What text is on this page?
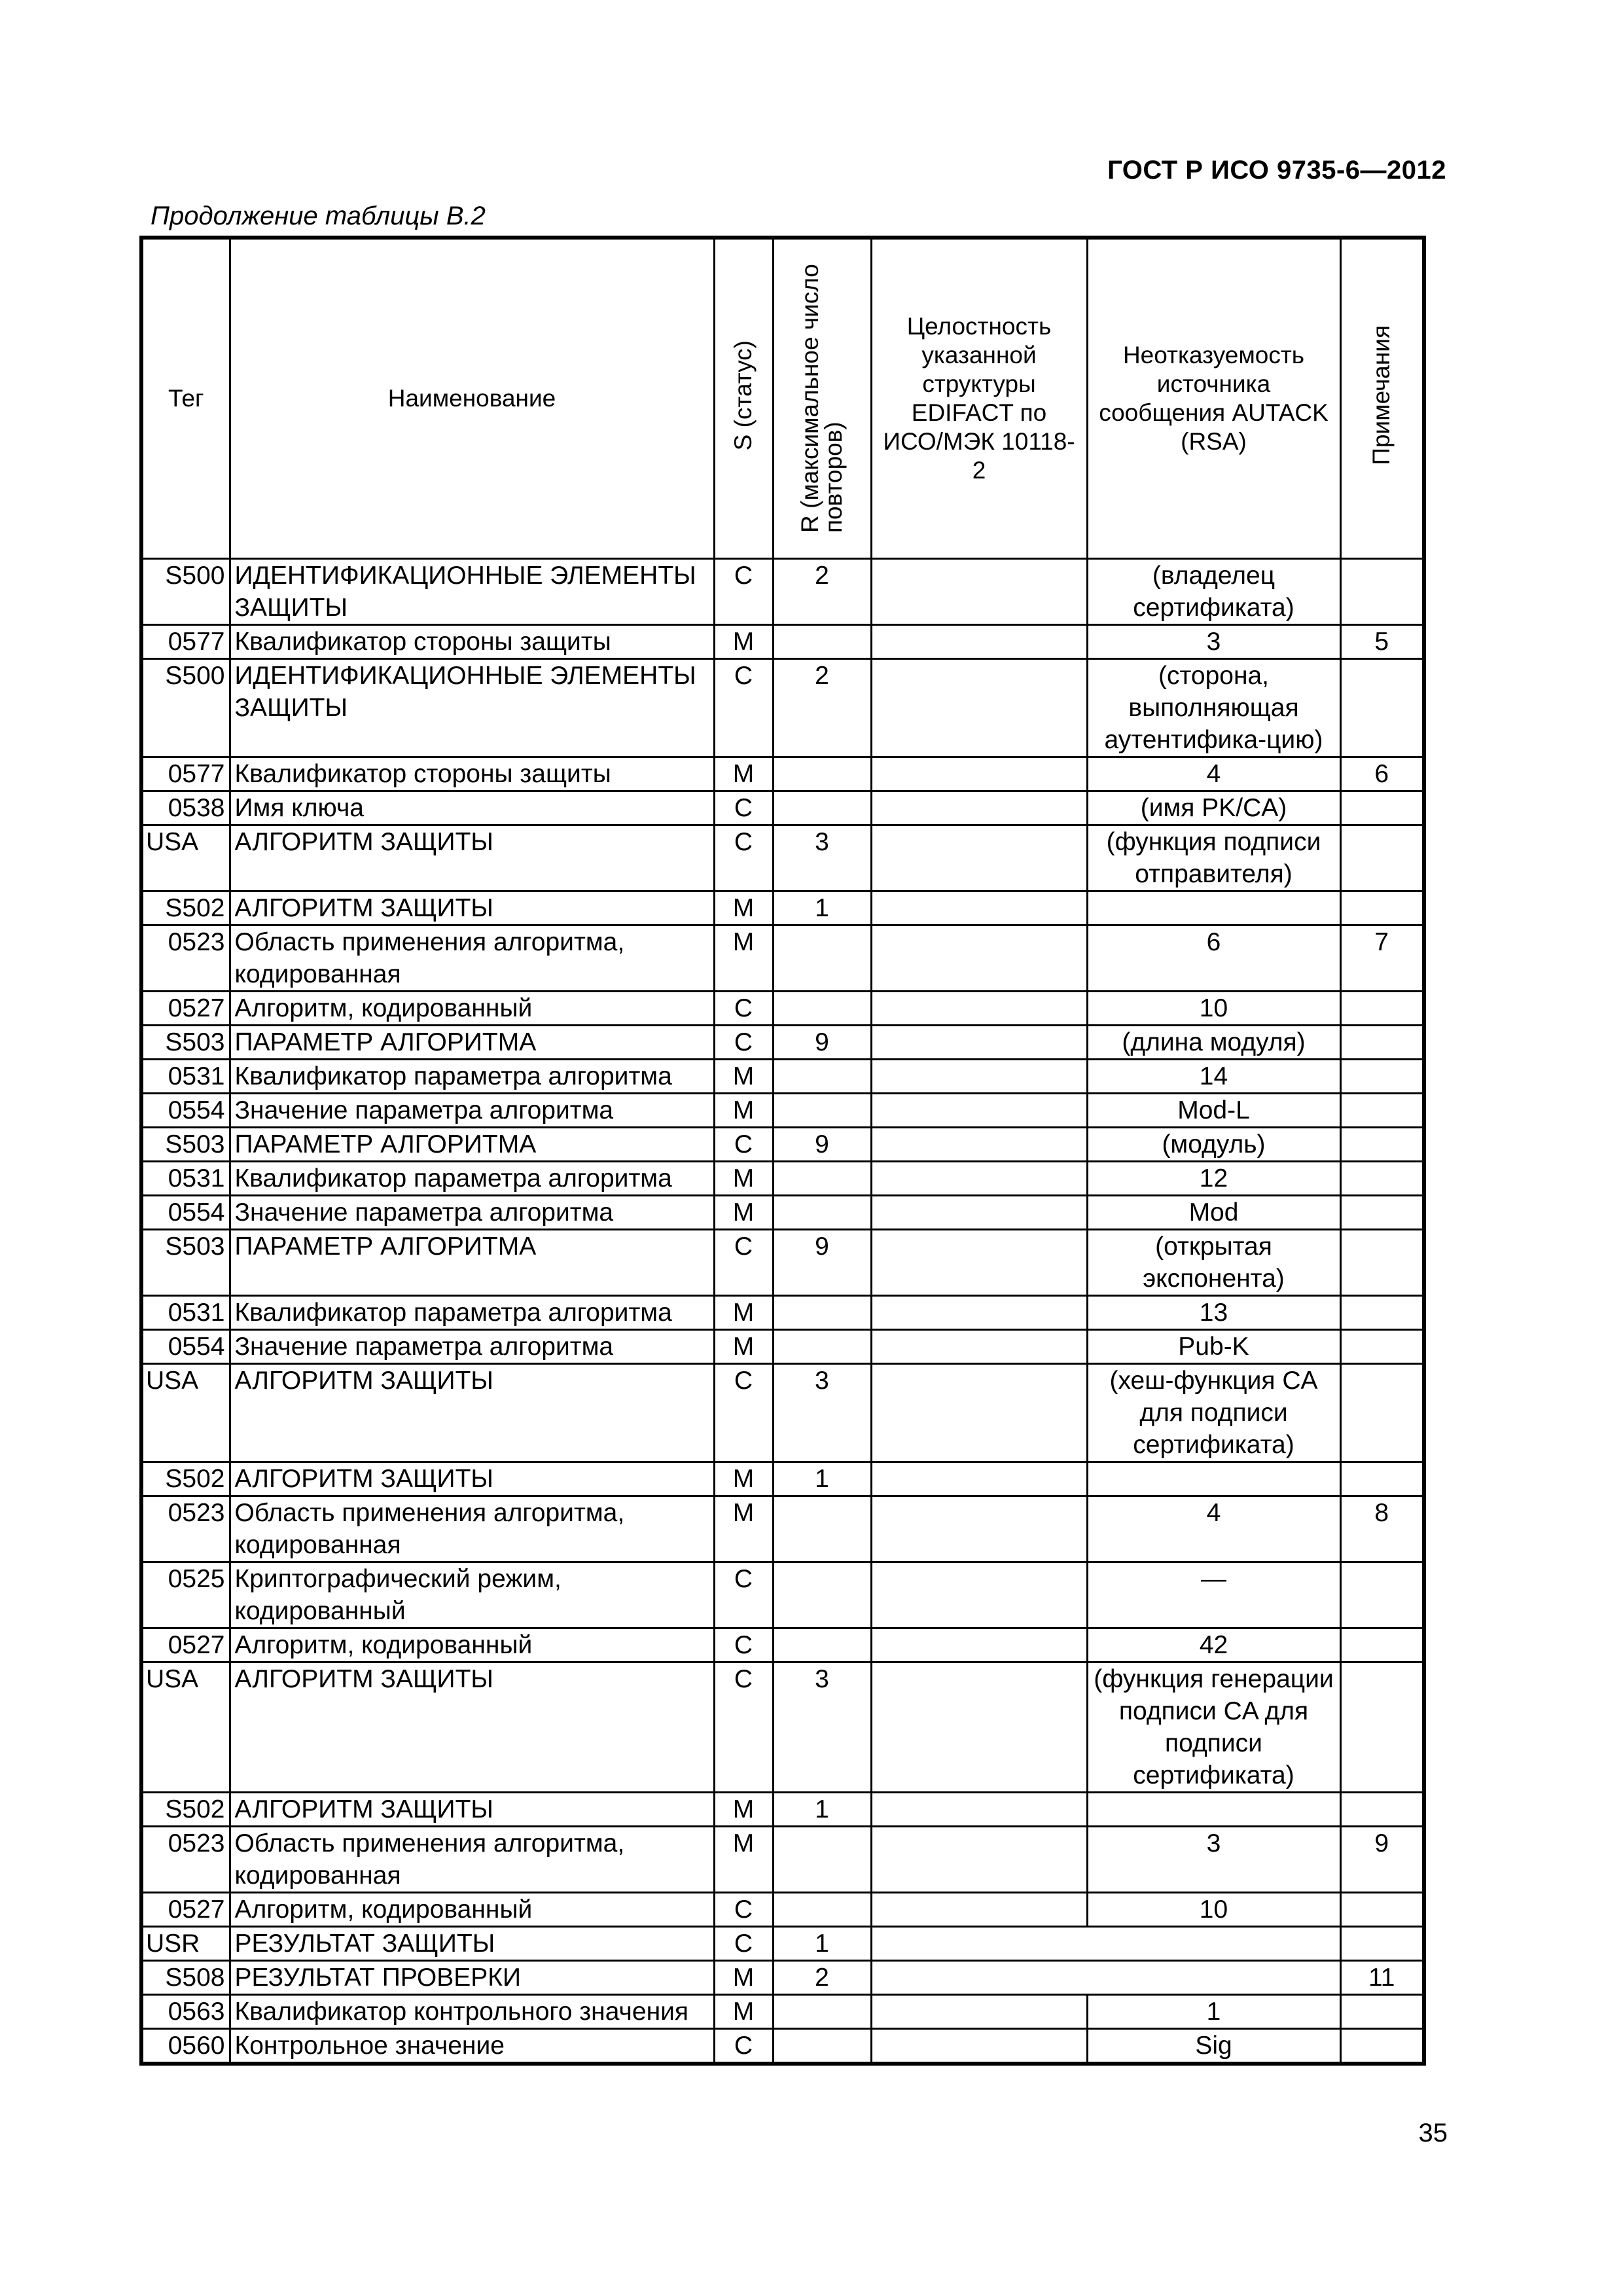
ГОСТ Р ИСО 9735-6—2012
Продолжение таблицы В.2
Тег	Наименование	S (статус)	R (максимальное число повторов)	Целостность указанной структуры EDIFACT по ИСО/МЭК 10118-2	Неотказуемость источника сообщения AUTACK (RSA)	Примечания
S500	ИДЕНТИФИКАЦИОННЫЕ ЭЛЕМЕНТЫ ЗАЩИТЫ	C	2		(владелец сертификата)	
0577	Квалификатор стороны защиты	M			3	5
S500	ИДЕНТИФИКАЦИОННЫЕ ЭЛЕМЕНТЫ ЗАЩИТЫ	C	2		(сторона, выполняющая аутентифика-цию)	
0577	Квалификатор стороны защиты	M			4	6
0538	Имя ключа	C			(имя PK/CA)	
USA	АЛГОРИТМ ЗАЩИТЫ	C	3		(функция подписи отправителя)	
S502	АЛГОРИТМ ЗАЩИТЫ	M	1			
0523	Область применения алгоритма, кодированная	M			6	7
0527	Алгоритм, кодированный	C			10	
S503	ПАРАМЕТР АЛГОРИТМА	C	9		(длина модуля)	
0531	Квалификатор параметра алгоритма	M			14	
0554	Значение параметра алгоритма	M			Mod-L	
S503	ПАРАМЕТР АЛГОРИТМА	C	9		(модуль)	
0531	Квалификатор параметра алгоритма	M			12	
0554	Значение параметра алгоритма	M			Mod	
S503	ПАРАМЕТР АЛГОРИТМА	C	9		(открытая экспонента)	
0531	Квалификатор параметра алгоритма	M			13	
0554	Значение параметра алгоритма	M			Pub-K	
USA	АЛГОРИТМ ЗАЩИТЫ	C	3		(хеш-функция CA для подписи сертификата)	
S502	АЛГОРИТМ ЗАЩИТЫ	M	1			
0523	Область применения алгоритма, кодированная	M			4	8
0525	Криптографический режим, кодированный	C			—	
0527	Алгоритм, кодированный	C			42	
USA	АЛГОРИТМ ЗАЩИТЫ	C	3		(функция генерации подписи CA для подписи сертификата)	
S502	АЛГОРИТМ ЗАЩИТЫ	M	1			
0523	Область применения алгоритма, кодированная	M			3	9
0527	Алгоритм, кодированный	C			10	
USR	РЕЗУЛЬТАТ ЗАЩИТЫ	C	1			
S508	РЕЗУЛЬТАТ ПРОВЕРКИ	M	2			11
0563	Квалификатор контрольного значения	M			1	
0560	Контрольное значение	C			Sig	
35
